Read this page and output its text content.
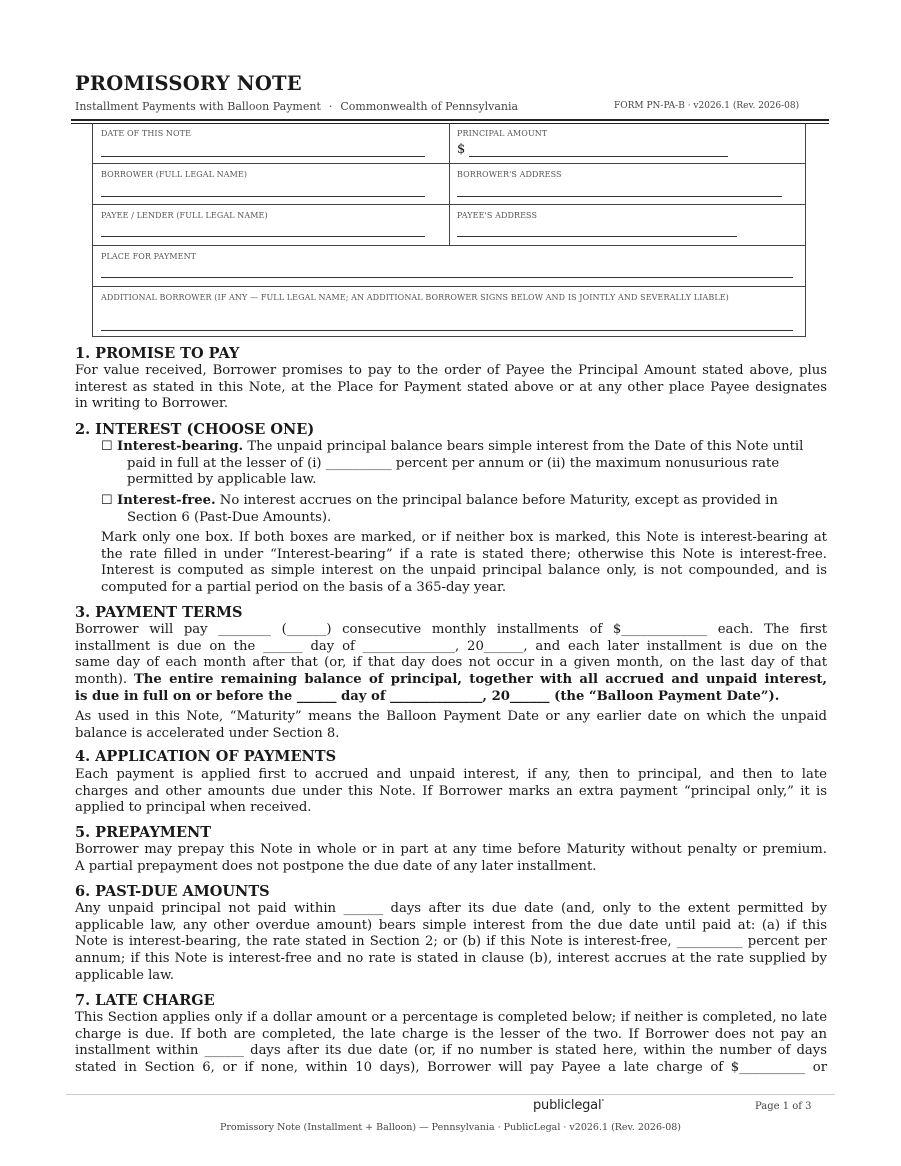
PROMISSORY NOTE
Installment Payments with Balloon Payment · Commonwealth of Pennsylvania	FORM PN-PA-B · v2026.1 (Rev. 2026-08)
DATE OF THIS NOTE	PRINCIPAL AMOUNT
$
BORROWER (FULL LEGAL NAME)	BORROWER'S ADDRESS
PAYEE / LENDER (FULL LEGAL NAME)	PAYEE'S ADDRESS
PLACE FOR PAYMENT
ADDITIONAL BORROWER (IF ANY — FULL LEGAL NAME; AN ADDITIONAL BORROWER SIGNS BELOW AND IS JOINTLY AND SEVERALLY LIABLE)
1. PROMISE TO PAY
For value received, Borrower promises to pay to the order of Payee the Principal Amount stated above, plus
interest as stated in this Note, at the Place for Payment stated above or at any other place Payee designates
in writing to Borrower.
2. INTEREST (CHOOSE ONE)
☐ Interest-bearing. The unpaid principal balance bears simple interest from the Date of this Note until
paid in full at the lesser of (i) __________ percent per annum or (ii) the maximum nonusurious rate
permitted by applicable law.
☐ Interest-free. No interest accrues on the principal balance before Maturity, except as provided in
Section 6 (Past-Due Amounts).
Mark only one box. If both boxes are marked, or if neither box is marked, this Note is interest-bearing at
the rate filled in under “Interest-bearing” if a rate is stated there; otherwise this Note is interest-free.
Interest is computed as simple interest on the unpaid principal balance only, is not compounded, and is
computed for a partial period on the basis of a 365-day year.
3. PAYMENT TERMS
Borrower will pay ________ (______) consecutive monthly installments of $_____________ each. The first
installment is due on the ______ day of ______________, 20______, and each later installment is due on the
same day of each month after that (or, if that day does not occur in a given month, on the last day of that
month). The entire remaining balance of principal, together with all accrued and unpaid interest,
is due in full on or before the ______ day of ______________, 20______ (the “Balloon Payment Date”).
As used in this Note, “Maturity” means the Balloon Payment Date or any earlier date on which the unpaid
balance is accelerated under Section 8.
4. APPLICATION OF PAYMENTS
Each payment is applied first to accrued and unpaid interest, if any, then to principal, and then to late
charges and other amounts due under this Note. If Borrower marks an extra payment “principal only,” it is
applied to principal when received.
5. PREPAYMENT
Borrower may prepay this Note in whole or in part at any time before Maturity without penalty or premium.
A partial prepayment does not postpone the due date of any later installment.
6. PAST-DUE AMOUNTS
Any unpaid principal not paid within ______ days after its due date (and, only to the extent permitted by
applicable law, any other overdue amount) bears simple interest from the due date until paid at: (a) if this
Note is interest-bearing, the rate stated in Section 2; or (b) if this Note is interest-free, __________ percent per
annum; if this Note is interest-free and no rate is stated in clause (b), interest accrues at the rate supplied by
applicable law.
7. LATE CHARGE
This Section applies only if a dollar amount or a percentage is completed below; if neither is completed, no late
charge is due. If both are completed, the late charge is the lesser of the two. If Borrower does not pay an
installment within ______ days after its due date (or, if no number is stated here, within the number of days
stated in Section 6, or if none, within 10 days), Borrower will pay Payee a late charge of $__________ or
publiclegal°	Page 1 of 3
Promissory Note (Installment + Balloon) — Pennsylvania · PublicLegal · v2026.1 (Rev. 2026-08)
